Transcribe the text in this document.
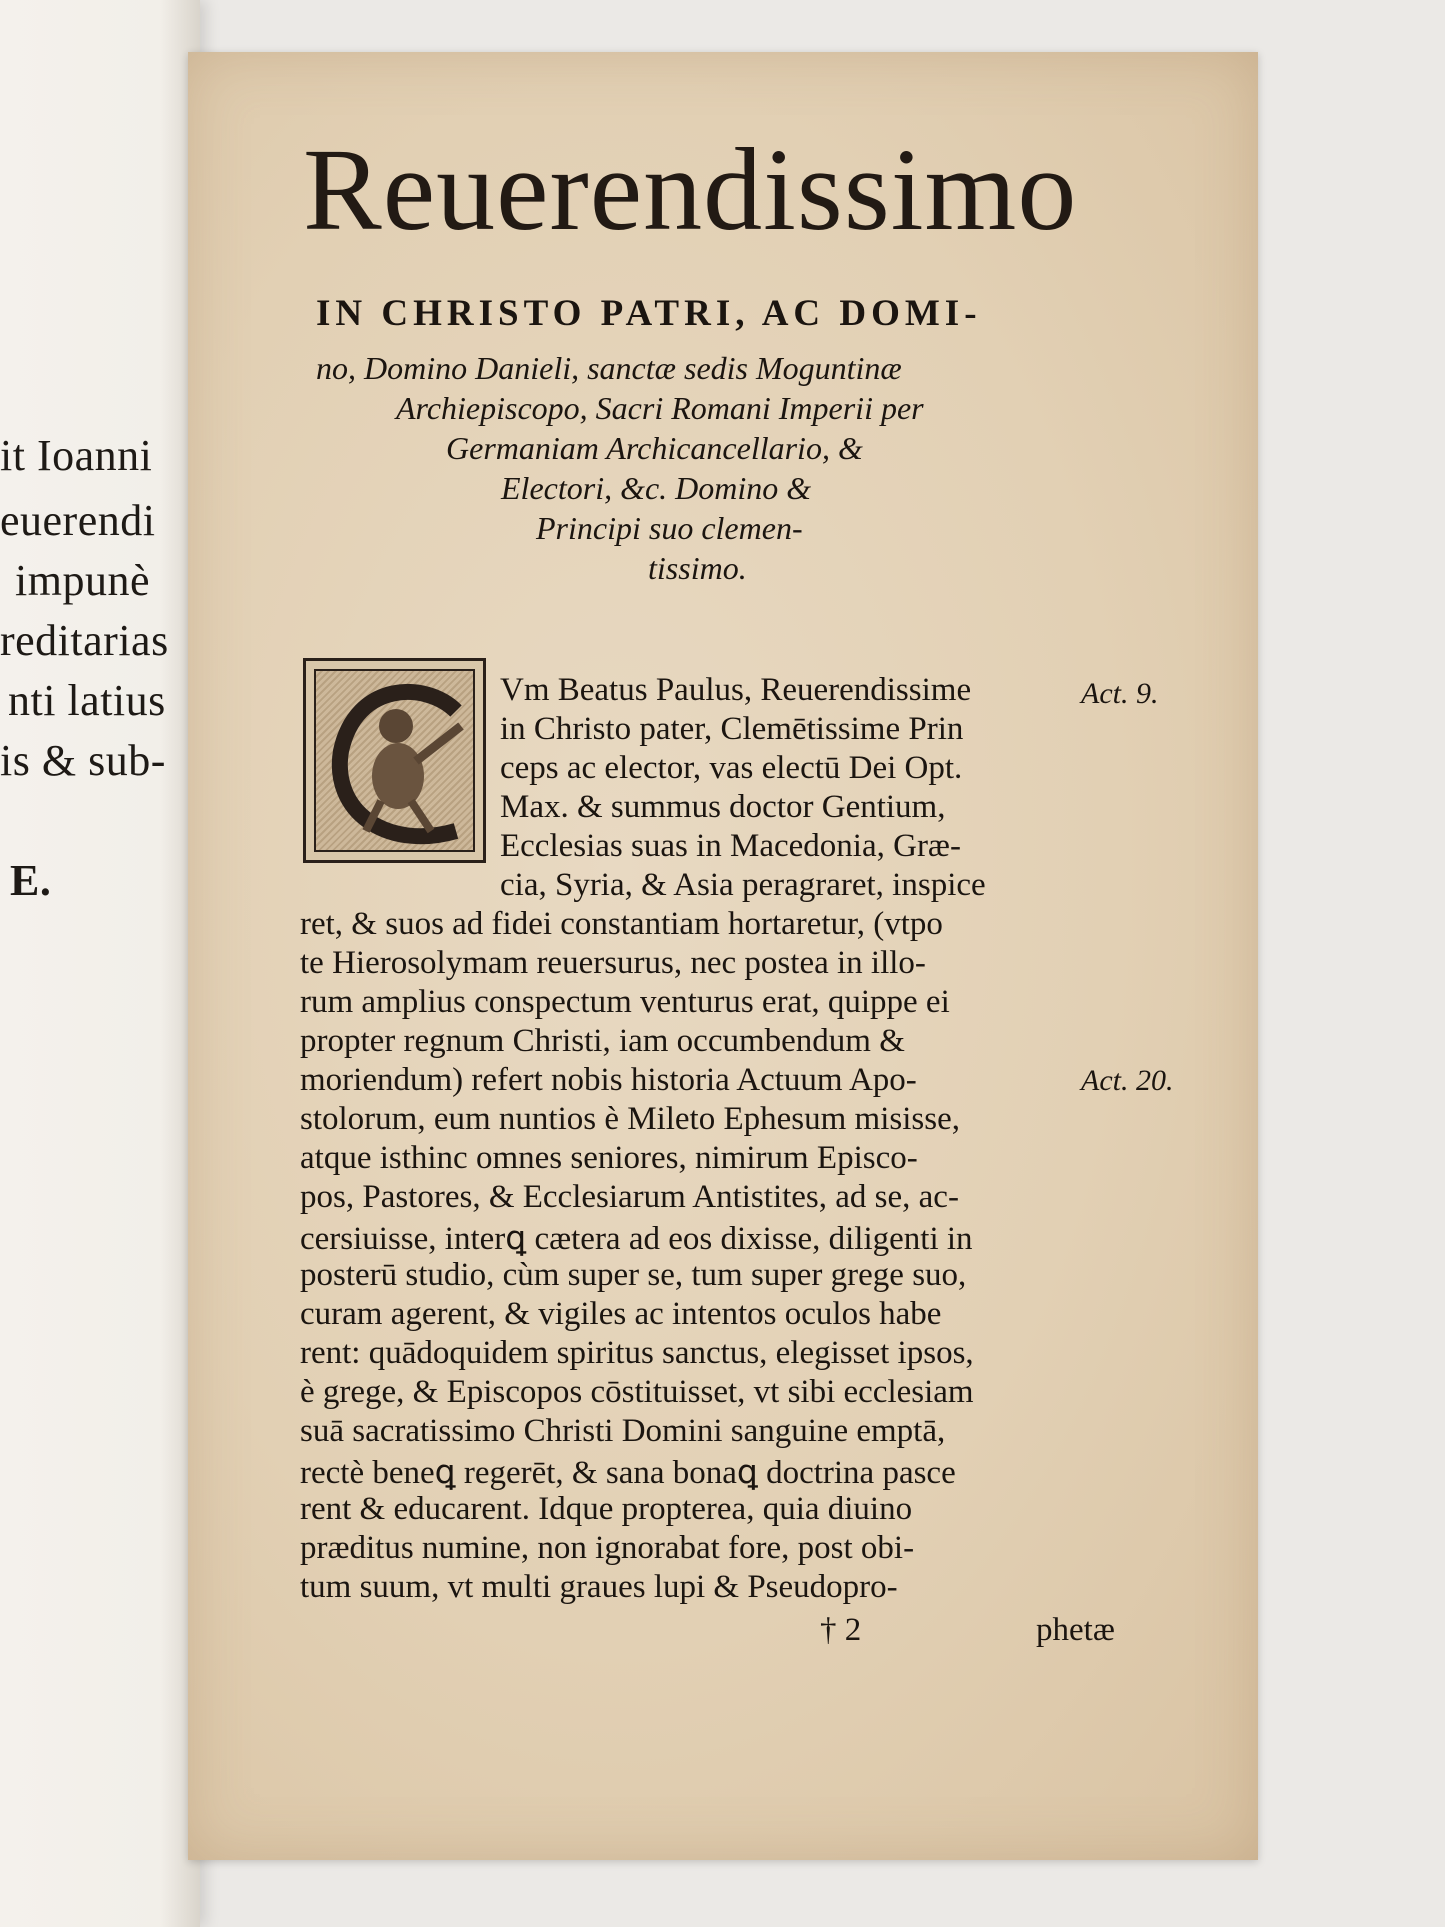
it Ioanni
euerendi
impunè
reditarias
nti latius
is & sub-
E.
Reuerendissimo
IN CHRISTO PATRI, AC DOMI-
no, Domino Danieli, sanctæ sedis Moguntinæ
Archiepiscopo, Sacri Romani Imperii per
Germaniam Archicancellario, &
Electori, &c. Domino &
Principi suo clemen-
tissimo.
Vm Beatus Paulus, Reuerendissime
in Christo pater, Clemētissime Prin
ceps ac elector, vas electū Dei Opt.
Max. & summus doctor Gentium,
Ecclesias suas in Macedonia, Græ-
cia, Syria, & Asia peragraret, inspice
ret, & suos ad fidei constantiam hortaretur, (vtpo
te Hierosolymam reuersurus, nec postea in illo-
rum amplius conspectum venturus erat, quippe ei
propter regnum Christi, iam occumbendum &
moriendum) refert nobis historia Actuum Apo-
stolorum, eum nuntios è Mileto Ephesum misisse,
atque isthinc omnes seniores, nimirum Episco-
pos, Pastores, & Ecclesiarum Antistites, ad se, ac-
cersiuisse, interꝗ cætera ad eos dixisse, diligenti in
posterū studio, cùm super se, tum super grege suo,
curam agerent, & vigiles ac intentos oculos habe
rent: quādoquidem spiritus sanctus, elegisset ipsos,
è grege, & Episcopos cōstituisset, vt sibi ecclesiam
suā sacratissimo Christi Domini sanguine emptā,
rectè beneꝗ regerēt, & sana bonaꝗ doctrina pasce
rent & educarent. Idque propterea, quia diuino
præditus numine, non ignorabat fore, post obi-
tum suum, vt multi graues lupi & Pseudopro-
† 2	phetæ
Act. 9.
Act. 20.
